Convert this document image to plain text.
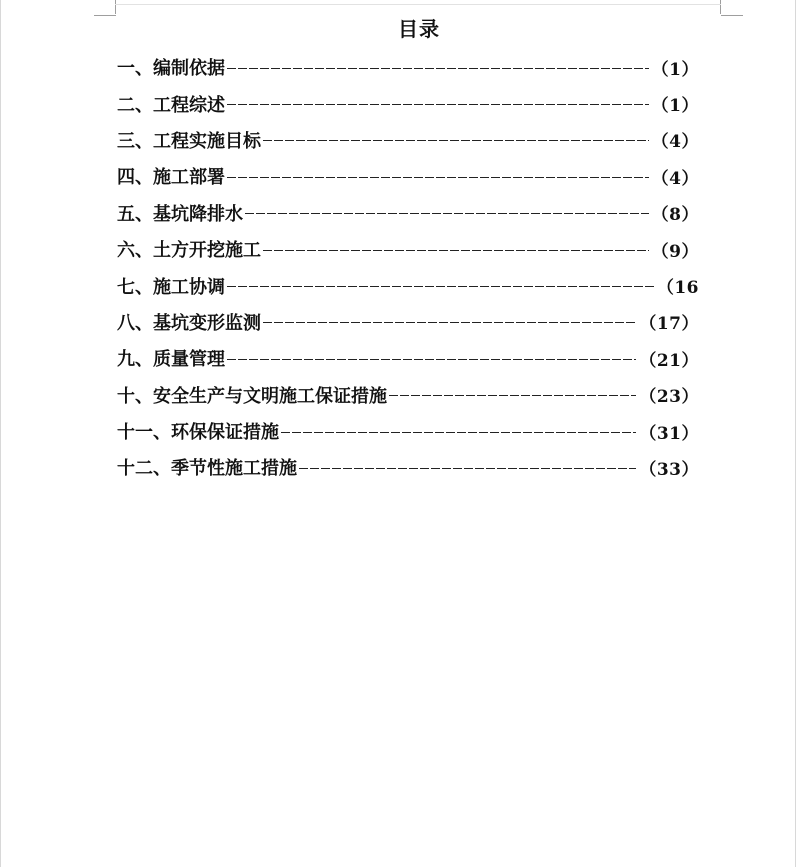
目录
一、编制依据	（1）
二、工程综述	（1）
三、工程实施目标	（4）
四、施工部署	（4）
五、基坑降排水	（8）
六、土方开挖施工	（9）
七、施工协调	（16
八、基坑变形监测	（17）
九、质量管理	（21）
十、安全生产与文明施工保证措施	（23）
十一、环保保证措施	（31）
十二、季节性施工措施	（33）
